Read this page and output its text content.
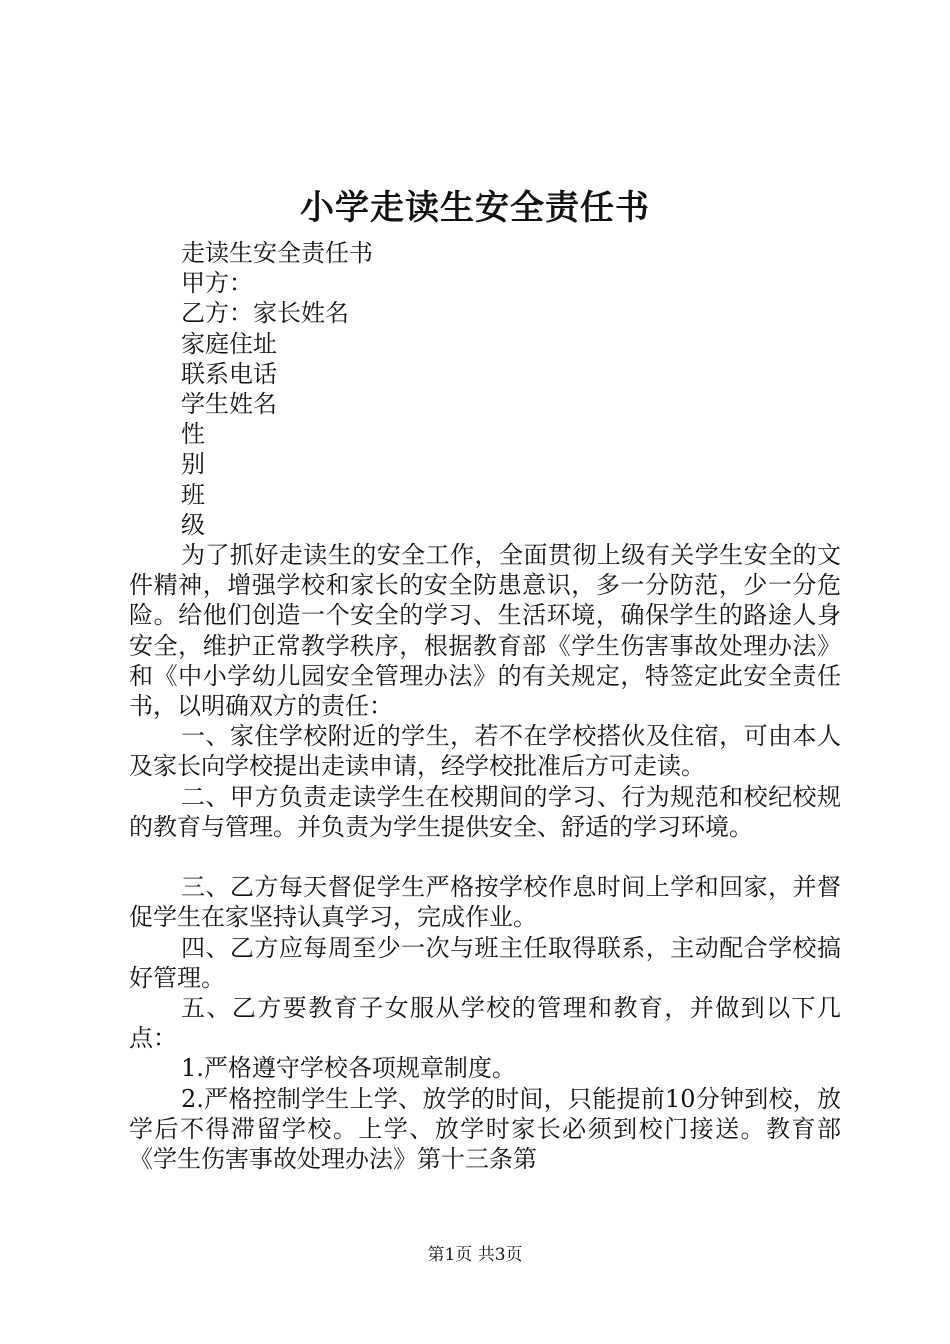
小学走读生安全责任书
走读生安全责任书
甲方：
乙方：家长姓名
家庭住址
联系电话
学生姓名
性
别
班
级
为了抓好走读生的安全工作，全面贯彻上级有关学生安全的文件精神，增强学校和家长的安全防患意识，多一分防范，少一分危险。给他们创造一个安全的学习、生活环境，确保学生的路途人身安全，维护正常教学秩序，根据教育部《学生伤害事故处理办法》和《中小学幼儿园安全管理办法》的有关规定，特签定此安全责任书，以明确双方的责任：
一、家住学校附近的学生，若不在学校搭伙及住宿，可由本人及家长向学校提出走读申请，经学校批准后方可走读。
二、甲方负责走读学生在校期间的学习、行为规范和校纪校规的教育与管理。并负责为学生提供安全、舒适的学习环境。
三、乙方每天督促学生严格按学校作息时间上学和回家，并督促学生在家坚持认真学习，完成作业。
四、乙方应每周至少一次与班主任取得联系，主动配合学校搞好管理。
五、乙方要教育子女服从学校的管理和教育，并做到以下几点：
1.严格遵守学校各项规章制度。
2.严格控制学生上学、放学的时间，只能提前10分钟到校，放学后不得滞留学校。上学、放学时家长必须到校门接送。教育部《学生伤害事故处理办法》第十三条第
第1页 共3页
